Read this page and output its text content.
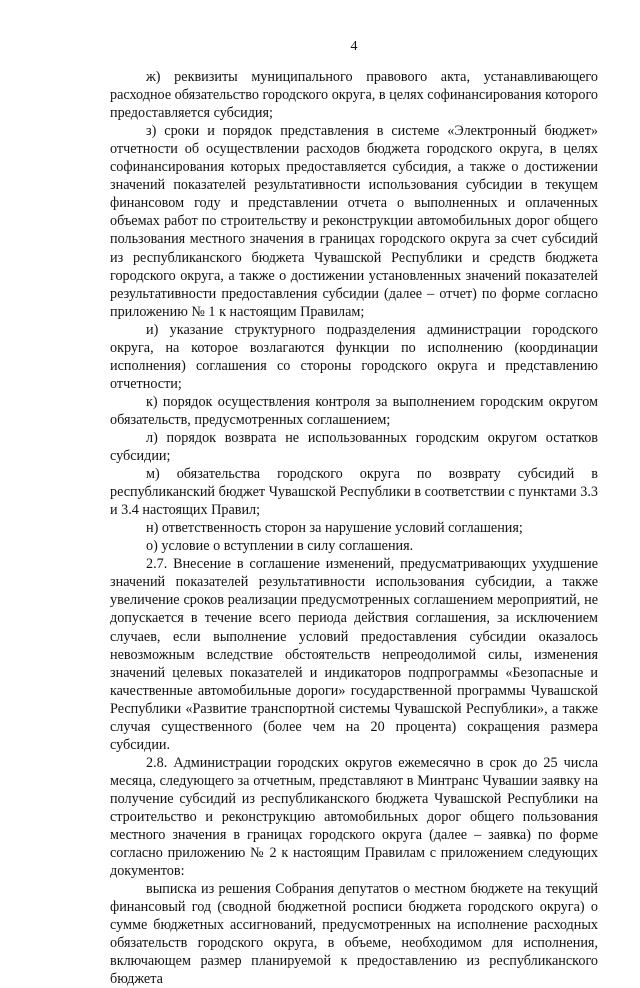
4

ж) реквизиты муниципального правового акта, устанавливающего расходное обязательство городского округа, в целях софинансирования которого предоставляется субсидия;

з) сроки и порядок представления в системе «Электронный бюджет» отчетности об осуществлении расходов бюджета городского округа, в целях софинансирования которых предоставляется субсидия, а также о достижении значений показателей результативности использования субсидии в текущем финансовом году и представлении отчета о выполненных и оплаченных объемах работ по строительству и реконструкции автомобильных дорог общего пользования местного значения в границах городского округа за счет субсидий из республиканского бюджета Чувашской Республики и средств бюджета городского округа, а также о достижении установленных значений показателей результативности предоставления субсидии (далее – отчет) по форме согласно приложению № 1 к настоящим Правилам;

и) указание структурного подразделения администрации городского округа, на которое возлагаются функции по исполнению (координации исполнения) соглашения со стороны городского округа и представлению отчетности;

к) порядок осуществления контроля за выполнением городским округом обязательств, предусмотренных соглашением;

л) порядок возврата не использованных городским округом остатков субсидии;

м) обязательства городского округа по возврату субсидий в республиканский бюджет Чувашской Республики в соответствии с пунктами 3.3 и 3.4 настоящих Правил;

н) ответственность сторон за нарушение условий соглашения;

о) условие о вступлении в силу соглашения.

2.7. Внесение в соглашение изменений, предусматривающих ухудшение значений показателей результативности использования субсидии, а также увеличение сроков реализации предусмотренных соглашением мероприятий, не допускается в течение всего периода действия соглашения, за исключением случаев, если выполнение условий предоставления субсидии оказалось невозможным вследствие обстоятельств непреодолимой силы, изменения значений целевых показателей и индикаторов подпрограммы «Безопасные и качественные автомобильные дороги» государственной программы Чувашской Республики «Развитие транспортной системы Чувашской Республики», а также случая существенного (более чем на 20 процента) сокращения размера субсидии.

2.8. Администрации городских округов ежемесячно в срок до 25 числа месяца, следующего за отчетным, представляют в Минтранс Чувашии заявку на получение субсидий из республиканского бюджета Чувашской Республики на строительство и реконструкцию автомобильных дорог общего пользования местного значения в границах городского округа (далее – заявка) по форме согласно приложению № 2 к настоящим Правилам с приложением следующих документов:

выписка из решения Собрания депутатов о местном бюджете на текущий финансовый год (сводной бюджетной росписи бюджета городского округа) о сумме бюджетных ассигнований, предусмотренных на исполнение расходных обязательств городского округа, в объеме, необходимом для исполнения, включающем размер планируемой к предоставлению из республиканского бюджета
